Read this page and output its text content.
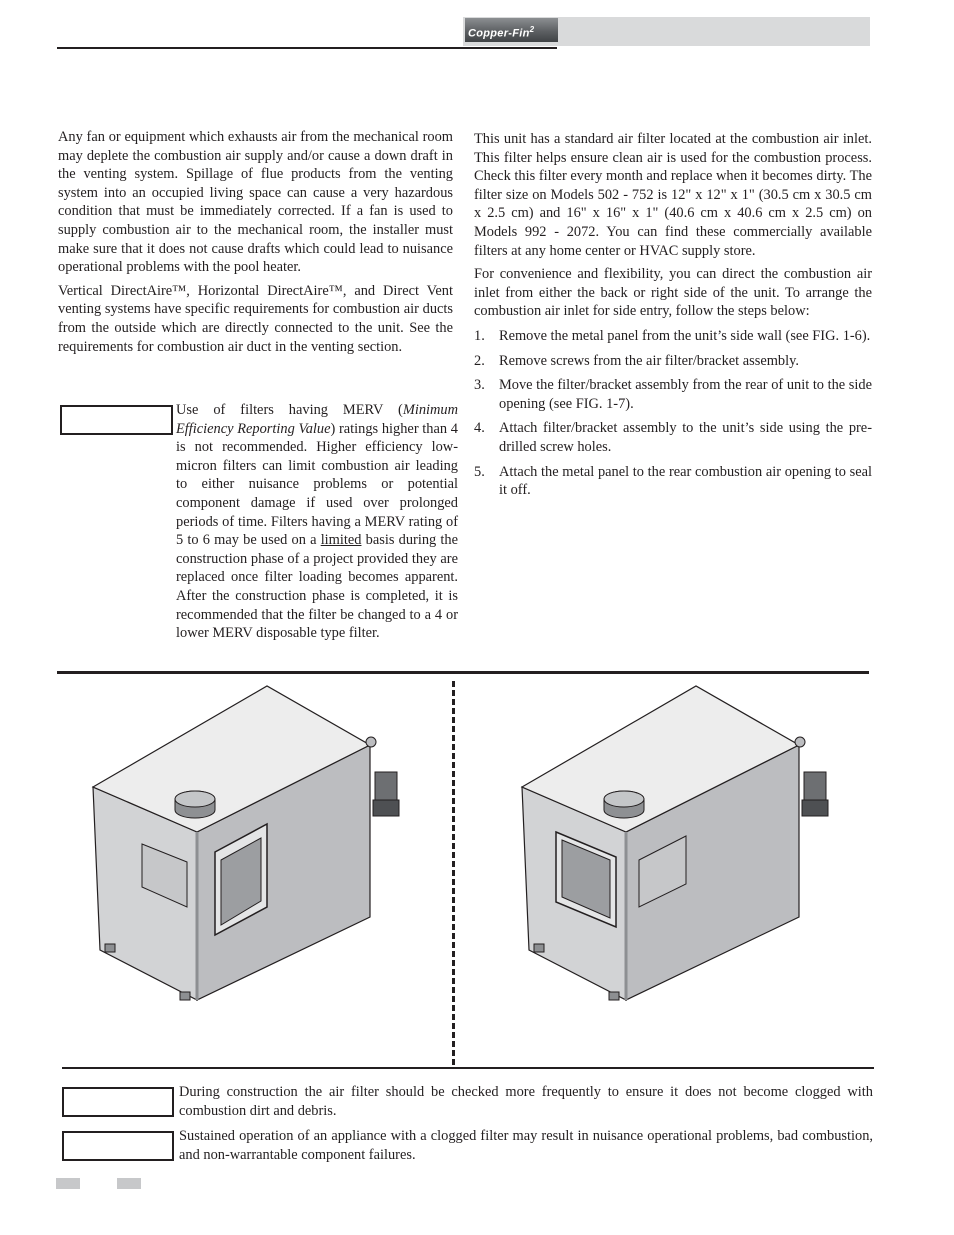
Copper-Fin$^2$

Any fan or equipment which exhausts air from the mechanical room may deplete the combustion air supply and/or cause a down draft in the venting system. Spillage of flue products from the venting system into an occupied living space can cause a very hazardous condition that must be immediately corrected. If a fan is used to supply combustion air to the mechanical room, the installer must make sure that it does not cause drafts which could lead to nuisance operational problems with the pool heater.

Vertical DirectAire™, Horizontal DirectAire™, and Direct Vent venting systems have specific requirements for combustion air ducts from the outside which are directly connected to the unit. See the requirements for combustion air duct in the venting section.

Use of filters having MERV (Minimum Efficiency Reporting Value) ratings higher than 4 is not recommended. Higher efficiency low-micron filters can limit combustion air leading to either nuisance problems or potential component damage if used over prolonged periods of time. Filters having a MERV rating of 5 to 6 may be used on a limited basis during the construction phase of a project provided they are replaced once filter loading becomes apparent. After the construction phase is completed, it is recommended that the filter be changed to a 4 or lower MERV disposable type filter.

This unit has a standard air filter located at the combustion air inlet. This filter helps ensure clean air is used for the combustion process. Check this filter every month and replace when it becomes dirty. The filter size on Models 502 - 752 is 12" x 12" x 1" (30.5 cm x 30.5 cm x 2.5 cm) and 16" x 16" x 1" (40.6 cm x 40.6 cm x 2.5 cm) on Models 992 - 2072. You can find these commercially available filters at any home center or HVAC supply store.

For convenience and flexibility, you can direct the combustion air inlet from either the back or right side of the unit. To arrange the combustion air inlet for side entry, follow the steps below:

1. Remove the metal panel from the unit’s side wall (see FIG. 1-6).
2. Remove screws from the air filter/bracket assembly.
3. Move the filter/bracket assembly from the rear of unit to the side opening (see FIG. 1-7).
4. Attach filter/bracket assembly to the unit’s side using the pre-drilled screw holes.
5. Attach the metal panel to the rear combustion air opening to seal it off.
During construction the air filter should be checked more frequently to ensure it does not become clogged with combustion dirt and debris.
Sustained operation of an appliance with a clogged filter may result in nuisance operational problems, bad combustion, and non-warrantable component failures.
